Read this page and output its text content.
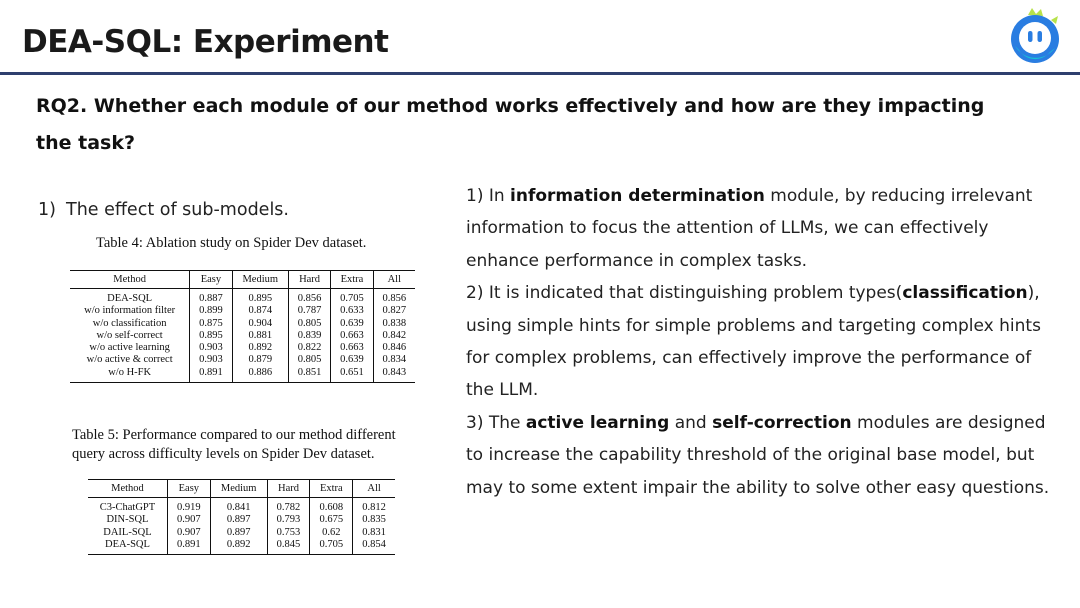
DEA-SQL: Experiment
RQ2. Whether each module of our method works effectively and how are they impacting the task?
1) The effect of sub-models.
Table 4: Ablation study on Spider Dev dataset.
Method	Easy	Medium	Hard	Extra	All
DEA-SQL	0.887	0.895	0.856	0.705	0.856
w/o information filter	0.899	0.874	0.787	0.633	0.827
w/o classification	0.875	0.904	0.805	0.639	0.838
w/o self-correct	0.895	0.881	0.839	0.663	0.842
w/o active learning	0.903	0.892	0.822	0.663	0.846
w/o active & correct	0.903	0.879	0.805	0.639	0.834
w/o H-FK	0.891	0.886	0.851	0.651	0.843
Table 5: Performance compared to our method different query across difficulty levels on Spider Dev dataset.
Method	Easy	Medium	Hard	Extra	All
C3-ChatGPT	0.919	0.841	0.782	0.608	0.812
DIN-SQL	0.907	0.897	0.793	0.675	0.835
DAIL-SQL	0.907	0.897	0.753	0.62	0.831
DEA-SQL	0.891	0.892	0.845	0.705	0.854

1) In information determination module, by reducing irrelevant information to focus the attention of LLMs, we can effectively enhance performance in complex tasks.

2) It is indicated that distinguishing problem types(classification), using simple hints for simple problems and targeting complex hints for complex problems, can effectively improve the performance of the LLM.

3) The active learning and self-correction modules are designed to increase the capability threshold of the original base model, but may to some extent impair the ability to solve other easy questions.
